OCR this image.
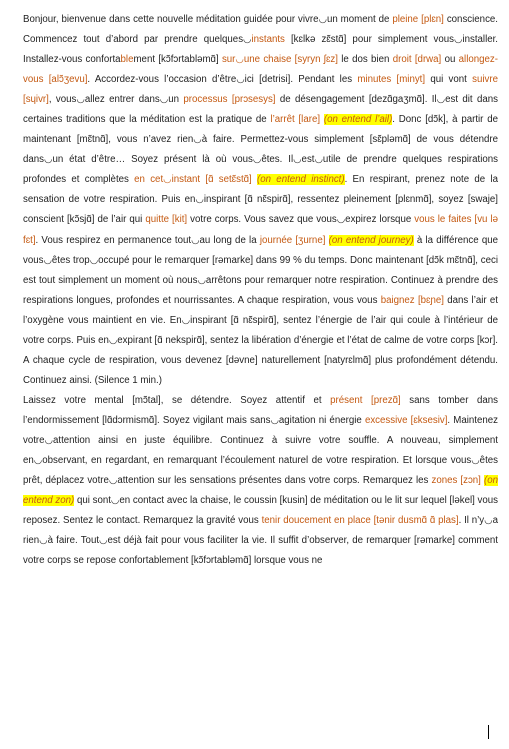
Bonjour, bienvenue dans cette nouvelle méditation guidée pour vivre◡un moment de pleine [plɛn] conscience. Commencez tout d’abord par prendre quelques◡instants [kɛlkə zɛ̃stɑ̃] pour simplement vous◡installer. Installez-vous confortablement [kɔ̃fɔrtabləmɑ̃] sur◡une chaise [syryn ʃɛz] le dos bien droit [drwa] ou allongez-vous [alɔ̃ʒevu]. Accordez-vous l’occasion d’être◡ici [detrisi]. Pendant les minutes [minyt] qui vont suivre [sɥivr], vous◡allez entrer dans◡un processus [prɔsesys] de désengagement [dezɑ̃gaʒmɑ̃]. Il◡est dit dans certaines traditions que la méditation est la pratique de l’arrêt [lare] (on entend l’ail). Donc [dɔ̃k], à partir de maintenant [mɛ̃tnɑ̃], vous n’avez rien◡à faire. Permettez-vous simplement [sɛ̃pləmɑ̃] de vous détendre dans◡un état d’être… Soyez présent là où vous◡êtes. Il◡est◡utile de prendre quelques respirations profondes et complètes en cet◡instant [ɑ̃ setɛ̃stɑ̃] (on entend instinct). En respirant, prenez note de la sensation de votre respiration. Puis en◡inspirant [ɑ̃ nɛ̃spirɑ̃], ressentez pleinement [plɛnmɑ̃], soyez [swaje] conscient [kɔ̃sjɑ̃] de l’air qui quitte [kit] votre corps. Vous savez que vous◡expirez lorsque vous le faites [vu lə fɛt]. Vous respirez en permanence tout◡au long de la journée [ʒurne] (on entend journey) à la différence que vous◡êtes trop◡occupé pour le remarquer [rəmarke] dans 99 % du temps. Donc maintenant [dɔ̃k mɛ̃tnɑ̃], ceci est tout simplement un moment où nous◡arrêtons pour remarquer notre respiration. Continuez à prendre des respirations longues, profondes et nourrissantes. A chaque respiration, vous vous baignez [bɛɲe] dans l’air et l’oxygène vous maintient en vie. En◡inspirant [ɑ̃ nɛ̃spirɑ̃], sentez l’énergie de l’air qui coule à l’intérieur de votre corps. Puis en◡expirant [ɑ̃ nekspirɑ̃], sentez la libération d’énergie et l’état de calme de votre corps [kɔr]. A chaque cycle de respiration, vous devenez [dəvne] naturellement [natyrɛlmɑ̃] plus profondément détendu. Continuez ainsi. (Silence 1 min.)

Laissez votre mental [mɔ̃tal], se détendre. Soyez attentif et présent [prezɑ̃] sans tomber dans l’endormissement [lɑ̃dɔrmismɑ̃]. Soyez vigilant mais sans◡agitation ni énergie excessive [ɛksesiv]. Maintenez votre◡attention ainsi en juste équilibre. Continuez à suivre votre souffle. A nouveau, simplement en◡observant, en regardant, en remarquant l’écoulement naturel de votre respiration. Et lorsque vous◡êtes prêt, déplacez votre◡attention sur les sensations présentes dans votre corps. Remarquez les zones [zɔn] (on entend zon) qui sont◡en contact avec la chaise, le coussin [kusin] de méditation ou le lit sur lequel [ləkel] vous reposez. Sentez le contact. Remarquez la gravité vous tenir doucement en place [tənir dusmɑ̃ ɑ̃ plas]. Il n’y◡a rien◡à faire. Tout◡est déjà fait pour vous faciliter la vie. Il suffit d’observer, de remarquer [rəmarke] comment votre corps se repose confortablement [kɔ̃fɔrtabləmɑ̃] lorsque vous ne
